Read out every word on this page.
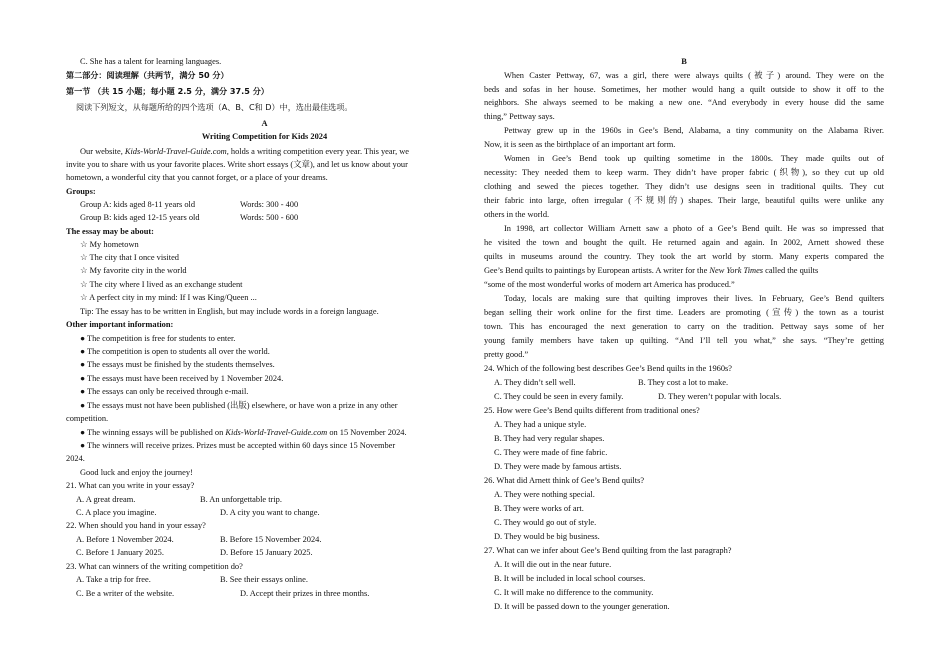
C. She has a talent for learning languages.
第二部分：阅读理解（共两节，满分 50 分）
第一节 （共 15 小题；每小题 2.5 分，满分 37.5 分）
阅读下列短文，从每题所给的四个选项（A、B、C和 D）中，选出最佳选项。
A
Writing Competition for Kids 2024
Our website, Kids-World-Travel-Guide.com, holds a writing competition every year. This year, we
invite you to share with us your favorite places. Write short essays (文章), and let us know about your
hometown, a wonderful city that you cannot forget, or a place of your dreams.
Groups:
Group A: kids aged 8-11 years old	Words: 300 - 400
Group B: kids aged 12-15 years old	Words: 500 - 600
The essay may be about:
☆ My hometown
☆ The city that I once visited
☆ My favorite city in the world
☆ The city where I lived as an exchange student
☆ A perfect city in my mind: If I was King/Queen ...
Tip: The essay has to be written in English, but may include words in a foreign language.
Other important information:
● The competition is free for students to enter.
● The competition is open to students all over the world.
● The essays must be finished by the students themselves.
● The essays must have been received by 1 November 2024.
● The essays can only be received through e-mail.
● The essays must not have been published (出版) elsewhere, or have won a prize in any other
competition.
● The winning essays will be published on Kids-World-Travel-Guide.com on 15 November 2024.
● The winners will receive prizes. Prizes must be accepted within 60 days since 15 November
2024.
Good luck and enjoy the journey!
21. What can you write in your essay?
A. A great dream.	B. An unforgettable trip.
C. A place you imagine.	D. A city you want to change.
22. When should you hand in your essay?
A. Before 1 November 2024.	B. Before 15 November 2024.
C. Before 1 January 2025.	D. Before 15 January 2025.
23. What can winners of the writing competition do?
A. Take a trip for free.	B. See their essays online.
C. Be a writer of the website.	D. Accept their prizes in three months.
B
When Caster Pettway, 67, was a girl, there were always quilts (被子) around. They were on the
beds and sofas in her house. Sometimes, her mother would hang a quilt outside to show it off to the
neighbors. She always seemed to be making a new one. “And everybody in every house did the same
thing,” Pettway says.
Pettway grew up in the 1960s in Gee’s Bend, Alabama, a tiny community on the Alabama River.
Now, it is seen as the birthplace of an important art form.
Women in Gee’s Bend took up quilting sometime in the 1800s. They made quilts out of
necessity: They needed them to keep warm. They didn’t have proper fabric (织物), so they cut up old
clothing and sewed the pieces together. They didn’t use designs seen in traditional quilts. They cut
their fabric into large, often irregular (不规则的) shapes. Their large, beautiful quilts were unlike any
others in the world.
In 1998, art collector William Arnett saw a photo of a Gee’s Bend quilt. He was so impressed that
he visited the town and bought the quilt. He returned again and again. In 2002, Arnett showed these
quilts in museums around the country. They took the art world by storm. Many experts compared the
Gee’s Bend quilts to paintings by European artists. A writer for the New York Times called the quilts
“some of the most wonderful works of modern art America has produced.”
Today, locals are making sure that quilting improves their lives. In February, Gee’s Bend quilters
began selling their work online for the first time. Leaders are promoting (宣传) the town as a tourist
town. This has encouraged the next generation to carry on the tradition. Pettway says some of her
young family members have taken up quilting. “And I’ll tell you what,” she says. “They’re getting
pretty good.”
24. Which of the following best describes Gee’s Bend quilts in the 1960s?
A. They didn’t sell well.	B. They cost a lot to make.
C. They could be seen in every family.	D. They weren’t popular with locals.
25. How were Gee’s Bend quilts different from traditional ones?
A. They had a unique style.
B. They had very regular shapes.
C. They were made of fine fabric.
D. They were made by famous artists.
26. What did Arnett think of Gee’s Bend quilts?
A. They were nothing special.
B. They were works of art.
C. They would go out of style.
D. They would be big business.
27. What can we infer about Gee’s Bend quilting from the last paragraph?
A. It will die out in the near future.
B. It will be included in local school courses.
C. It will make no difference to the community.
D. It will be passed down to the younger generation.
